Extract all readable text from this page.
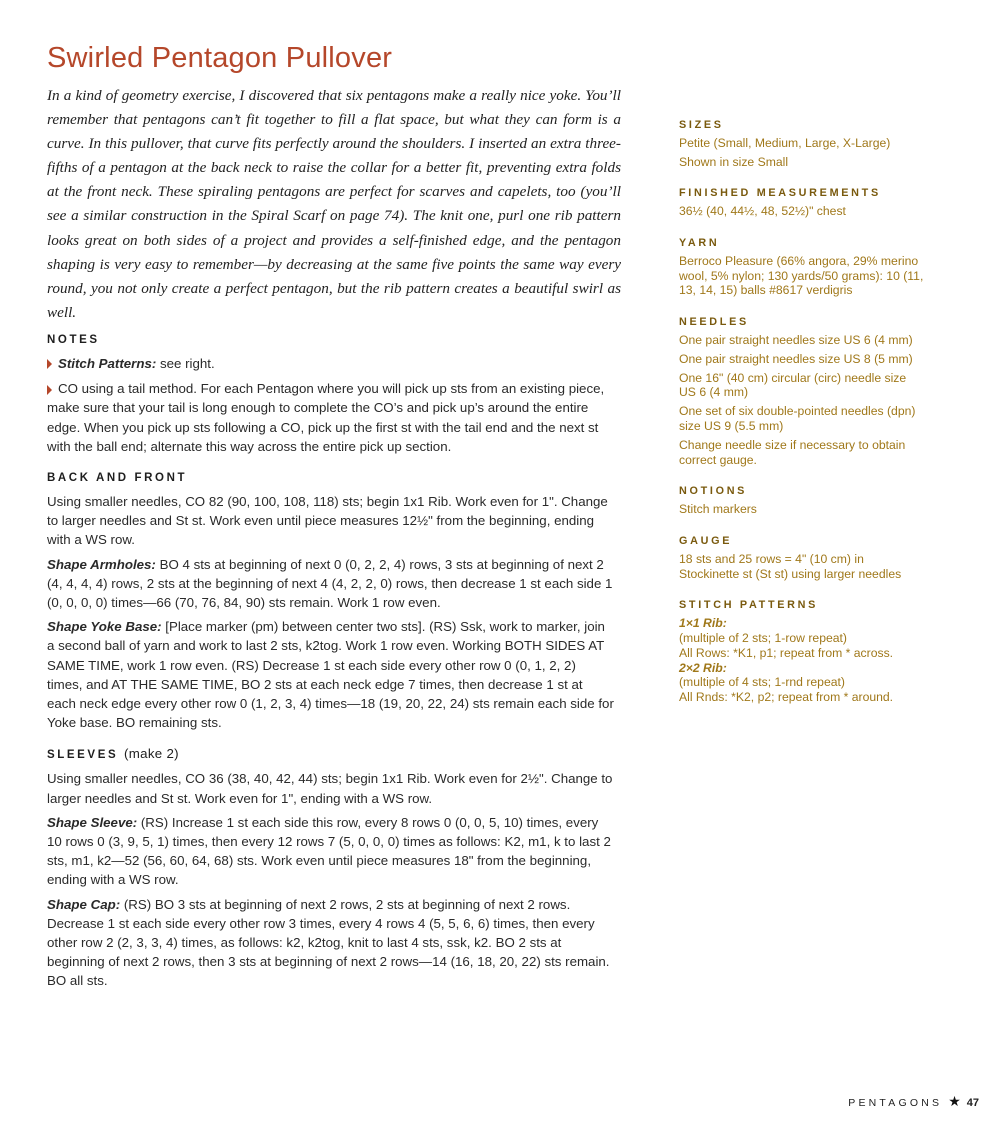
Swirled Pentagon Pullover

In a kind of geometry exercise, I discovered that six pentagons make a really nice yoke. You’ll remember that pentagons can’t fit together to fill a flat space, but what they can form is a curve. In this pullover, that curve fits perfectly around the shoulders. I inserted an extra three-fifths of a pentagon at the back neck to raise the collar for a better fit, preventing extra folds at the front neck. These spiraling pentagons are perfect for scarves and capelets, too (you’ll see a similar construction in the Spiral Scarf on page 74). The knit one, purl one rib pattern looks great on both sides of a project and provides a self-finished edge, and the pentagon shaping is very easy to remember—by decreasing at the same five points the same way every round, you not only create a perfect pentagon, but the rib pattern creates a beautiful swirl as well.

NOTES

Stitch Patterns: see right.

CO using a tail method. For each Pentagon where you will pick up sts from an existing piece, make sure that your tail is long enough to complete the CO’s and pick up’s around the entire edge. When you pick up sts following a CO, pick up the first st with the tail end and the next st with the ball end; alternate this way across the entire pick up section.

BACK AND FRONT

Using smaller needles, CO 82 (90, 100, 108, 118) sts; begin 1x1 Rib. Work even for 1". Change to larger needles and St st. Work even until piece measures 12½" from the beginning, ending with a WS row.

Shape Armholes: BO 4 sts at beginning of next 0 (0, 2, 2, 4) rows, 3 sts at beginning of next 2 (4, 4, 4, 4) rows, 2 sts at the beginning of next 4 (4, 2, 2, 0) rows, then decrease 1 st each side 1 (0, 0, 0, 0) times—66 (70, 76, 84, 90) sts remain. Work 1 row even.

Shape Yoke Base: [Place marker (pm) between center two sts]. (RS) Ssk, work to marker, join a second ball of yarn and work to last 2 sts, k2tog. Work 1 row even. Working BOTH SIDES AT SAME TIME, work 1 row even. (RS) Decrease 1 st each side every other row 0 (0, 1, 2, 2) times, and AT THE SAME TIME, BO 2 sts at each neck edge 7 times, then decrease 1 st at each neck edge every other row 0 (1, 2, 3, 4) times—18 (19, 20, 22, 24) sts remain each side for Yoke base. BO remaining sts.

SLEEVES (make 2)

Using smaller needles, CO 36 (38, 40, 42, 44) sts; begin 1x1 Rib. Work even for 2½". Change to larger needles and St st. Work even for 1", ending with a WS row.

Shape Sleeve: (RS) Increase 1 st each side this row, every 8 rows 0 (0, 0, 5, 10) times, every 10 rows 0 (3, 9, 5, 1) times, then every 12 rows 7 (5, 0, 0, 0) times as follows: K2, m1, k to last 2 sts, m1, k2—52 (56, 60, 64, 68) sts. Work even until piece measures 18" from the beginning, ending with a WS row.

Shape Cap: (RS) BO 3 sts at beginning of next 2 rows, 2 sts at beginning of next 2 rows. Decrease 1 st each side every other row 3 times, every 4 rows 4 (5, 5, 6, 6) times, then every other row 2 (2, 3, 3, 4) times, as follows: k2, k2tog, knit to last 4 sts, ssk, k2. BO 2 sts at beginning of next 2 rows, then 3 sts at beginning of next 2 rows—14 (16, 18, 20, 22) sts remain. BO all sts.

SIZES

Petite (Small, Medium, Large, X-Large)

Shown in size Small

FINISHED MEASUREMENTS

36½ (40, 44½, 48, 52½)" chest

YARN

Berroco Pleasure (66% angora, 29% merino wool, 5% nylon; 130 yards/50 grams): 10 (11, 13, 14, 15) balls #8617 verdigris

NEEDLES

One pair straight needles size US 6 (4 mm)

One pair straight needles size US 8 (5 mm)

One 16" (40 cm) circular (circ) needle size US 6 (4 mm)

One set of six double-pointed needles (dpn) size US 9 (5.5 mm)

Change needle size if necessary to obtain correct gauge.

NOTIONS

Stitch markers

GAUGE

18 sts and 25 rows = 4" (10 cm) in Stockinette st (St st) using larger needles

STITCH PATTERNS
1×1 Rib:
(multiple of 2 sts; 1-row repeat)
All Rows: *K1, p1; repeat from * across.
2×2 Rib:
(multiple of 4 sts; 1-rnd repeat)
All Rnds: *K2, p2; repeat from * around.
PENTAGONS ★ 47
